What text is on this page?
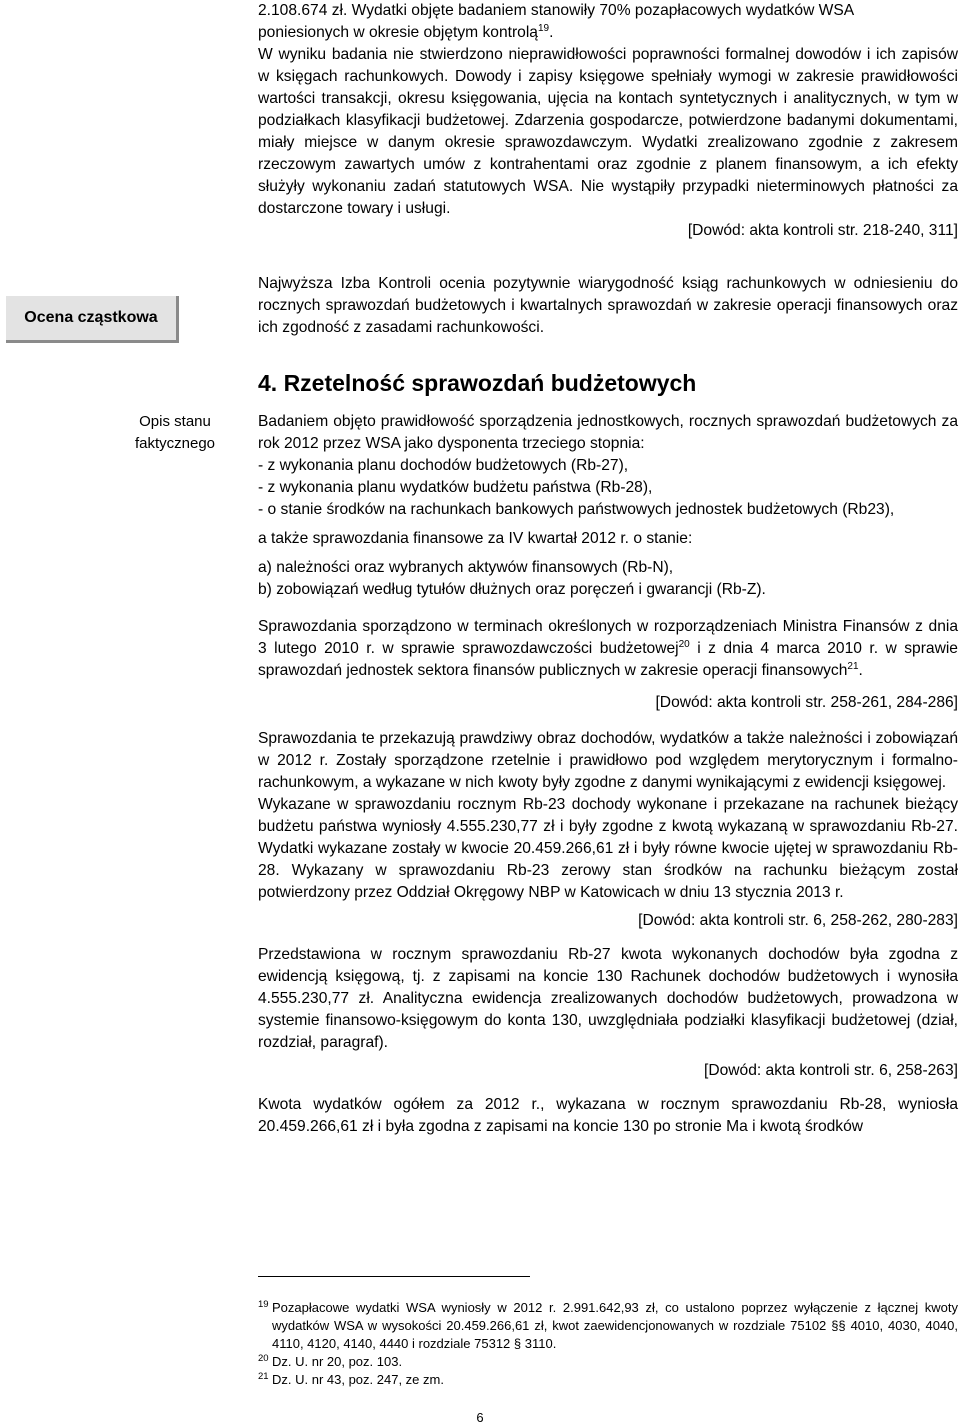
2.108.674 zł. Wydatki objęte badaniem stanowiły 70% pozapłacowych wydatków WSA

poniesionych w okresie objętym kontrolą$^{19}$.

W wyniku badania nie stwierdzono nieprawidłowości poprawności formalnej dowodów i ich zapisów w księgach rachunkowych. Dowody i zapisy księgowe spełniały wymogi w zakresie prawidłowości wartości transakcji, okresu księgowania, ujęcia na kontach syntetycznych i analitycznych, w tym w podziałkach klasyfikacji budżetowej. Zdarzenia gospodarcze, potwierdzone badanymi dokumentami, miały miejsce w danym okresie sprawozdawczym. Wydatki zrealizowano zgodnie z zakresem rzeczowym zawartych umów z kontrahentami oraz zgodnie z planem finansowym, a ich efekty służyły wykonaniu zadań statutowych WSA. Nie wystąpiły przypadki nieterminowych płatności za dostarczone towary i usługi.

[Dowód: akta kontroli str. 218-240, 311]

Ocena cząstkowa
Opis stanu
faktycznego

Najwyższa Izba Kontroli ocenia pozytywnie wiarygodność ksiąg rachunkowych w odniesieniu do rocznych sprawozdań budżetowych i kwartalnych sprawozdań w zakresie operacji finansowych oraz ich zgodność z zasadami rachunkowości.

4. Rzetelność sprawozdań budżetowych

Badaniem objęto prawidłowość sporządzenia jednostkowych, rocznych sprawozdań budżetowych za rok 2012 przez WSA jako dysponenta trzeciego stopnia:

- z wykonania planu dochodów budżetowych (Rb-27),

- z wykonania planu wydatków budżetu państwa (Rb-28),

- o stanie środków na rachunkach bankowych państwowych jednostek budżetowych (Rb23),

a także sprawozdania finansowe za IV kwartał 2012 r. o stanie:

a) należności oraz wybranych aktywów finansowych (Rb-N),

b) zobowiązań według tytułów dłużnych oraz poręczeń i gwarancji (Rb-Z).

Sprawozdania sporządzono w terminach określonych w rozporządzeniach Ministra Finansów z dnia 3 lutego 2010 r. w sprawie sprawozdawczości budżetowej$^{20}$ i z dnia 4 marca 2010 r. w sprawie sprawozdań jednostek sektora finansów publicznych w zakresie operacji finansowych$^{21}$.

[Dowód: akta kontroli str. 258-261, 284-286]

Sprawozdania te przekazują prawdziwy obraz dochodów, wydatków a także należności i zobowiązań w 2012 r. Zostały sporządzone rzetelnie i prawidłowo pod względem merytorycznym i formalno-rachunkowym, a wykazane w nich kwoty były zgodne z danymi wynikającymi z ewidencji księgowej.

Wykazane w sprawozdaniu rocznym Rb-23 dochody wykonane i przekazane na rachunek bieżący budżetu państwa wyniosły 4.555.230,77 zł i były zgodne z kwotą wykazaną w sprawozdaniu Rb-27. Wydatki wykazane zostały w kwocie 20.459.266,61 zł i były równe kwocie ujętej w sprawozdaniu Rb-28. Wykazany w sprawozdaniu Rb-23 zerowy stan środków na rachunku bieżącym został potwierdzony przez Oddział Okręgowy NBP w Katowicach w dniu 13 stycznia 2013 r.

[Dowód: akta kontroli str. 6, 258-262, 280-283]

Przedstawiona w rocznym sprawozdaniu Rb-27 kwota wykonanych dochodów była zgodna z ewidencją księgową, tj. z zapisami na koncie 130 Rachunek dochodów budżetowych i wynosiła 4.555.230,77 zł. Analityczna ewidencja zrealizowanych dochodów budżetowych, prowadzona w systemie finansowo-księgowym do konta 130, uwzględniała podziałki klasyfikacji budżetowej (dział, rozdział, paragraf).

[Dowód: akta kontroli str. 6, 258-263]

Kwota wydatków ogółem za 2012 r., wykazana w rocznym sprawozdaniu Rb-28, wyniosła 20.459.266,61 zł i była zgodna z zapisami na koncie 130 po stronie Ma i kwotą środków

19 Pozapłacowe wydatki WSA wyniosły w 2012 r. 2.991.642,93 zł, co ustalono poprzez wyłączenie z łącznej kwoty wydatków WSA w wysokości 20.459.266,61 zł, kwot zaewidencjonowanych w rozdziale 75102 §§ 4010, 4030, 4040, 4110, 4120, 4140, 4440 i rozdziale 75312 § 3110.
20 Dz. U. nr 20, poz. 103.
21 Dz. U. nr 43, poz. 247, ze zm.
6
